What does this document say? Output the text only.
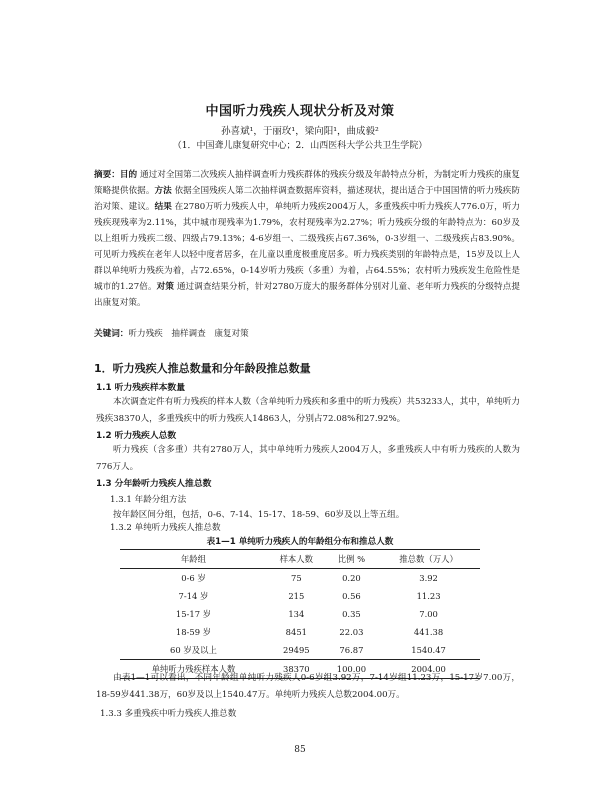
中国听力残疾人现状分析及对策
孙喜斌¹，于丽玫¹，梁向阳¹，曲成毅²
（1．中国聋儿康复研究中心；2．山西医科大学公共卫生学院）
摘要：目的 通过对全国第二次残疾人抽样调查听力残疾群体的残疾分级及年龄特点分析，为制定听力残疾的康复策略提供依据。方法 依据全国残疾人第二次抽样调查数据库资料，描述现状，提出适合于中国国情的听力残疾防治对策、建议。结果 在2780万听力残疾人中，单纯听力残疾2004万人，多重残疾中听力残疾人776.0万，听力残疾现残率为2.11%，其中城市现残率为1.79%，农村现残率为2.27%；听力残疾分级的年龄特点为：60岁及以上组听力残疾二级、四级占79.13%；4-6岁组一、二级残疾占67.36%，0-3岁组一、二级残疾占83.90%。可见听力残疾在老年人以轻中度者居多，在儿童以重度极重度居多。听力残疾类别的年龄特点是，15岁及以上人群以单纯听力残疾为着，占72.65%，0-14岁听力残疾（多重）为着，占64.55%；农村听力残疾发生危险性是城市的1.27倍。对策 通过调查结果分析，针对2780万庞大的服务群体分别对儿童、老年听力残疾的分级特点提出康复对策。
关键词：听力残疾　抽样调查　康复对策
1．听力残疾人推总数量和分年龄段推总数量
1.1 听力残疾样本数量
本次调查定件有听力残疾的样本人数（含单纯听力残疾和多重中的听力残疾）共53233人，其中，单纯听力残疾38370人，多重残疾中的听力残疾人14863人，分别占72.08%和27.92%。
1.2 听力残疾人总数
听力残疾（含多重）共有2780万人，其中单纯听力残疾人2004万人，多重残疾人中有听力残疾的人数为 776万人。
1.3 分年龄听力残疾人推总数
1.3.1 年龄分组方法
按年龄区间分组，包括，0-6、7-14、15-17、18-59、60岁及以上等五组。
1.3.2 单纯听力残疾人推总数
表1—1 单纯听力残疾人的年龄组分布和推总人数
年龄组	样本人数	比例 %	推总数（万人）
0-6 岁	75	0.20	3.92
7-14 岁	215	0.56	11.23
15-17 岁	134	0.35	7.00
18-59 岁	8451	22.03	441.38
60 岁及以上	29495	76.87	1540.47
单纯听力残疾样本人数	38370	100.00	2004.00
由表1—1可以看出，不同年龄组单纯听力残疾人0-6岁组3.92万，7-14岁组11.23万，15-17岁7.00万，18-59岁441.38万，60岁及以上1540.47万。单纯听力残疾人总数2004.00万。
1.3.3 多重残疾中听力残疾人推总数
85
